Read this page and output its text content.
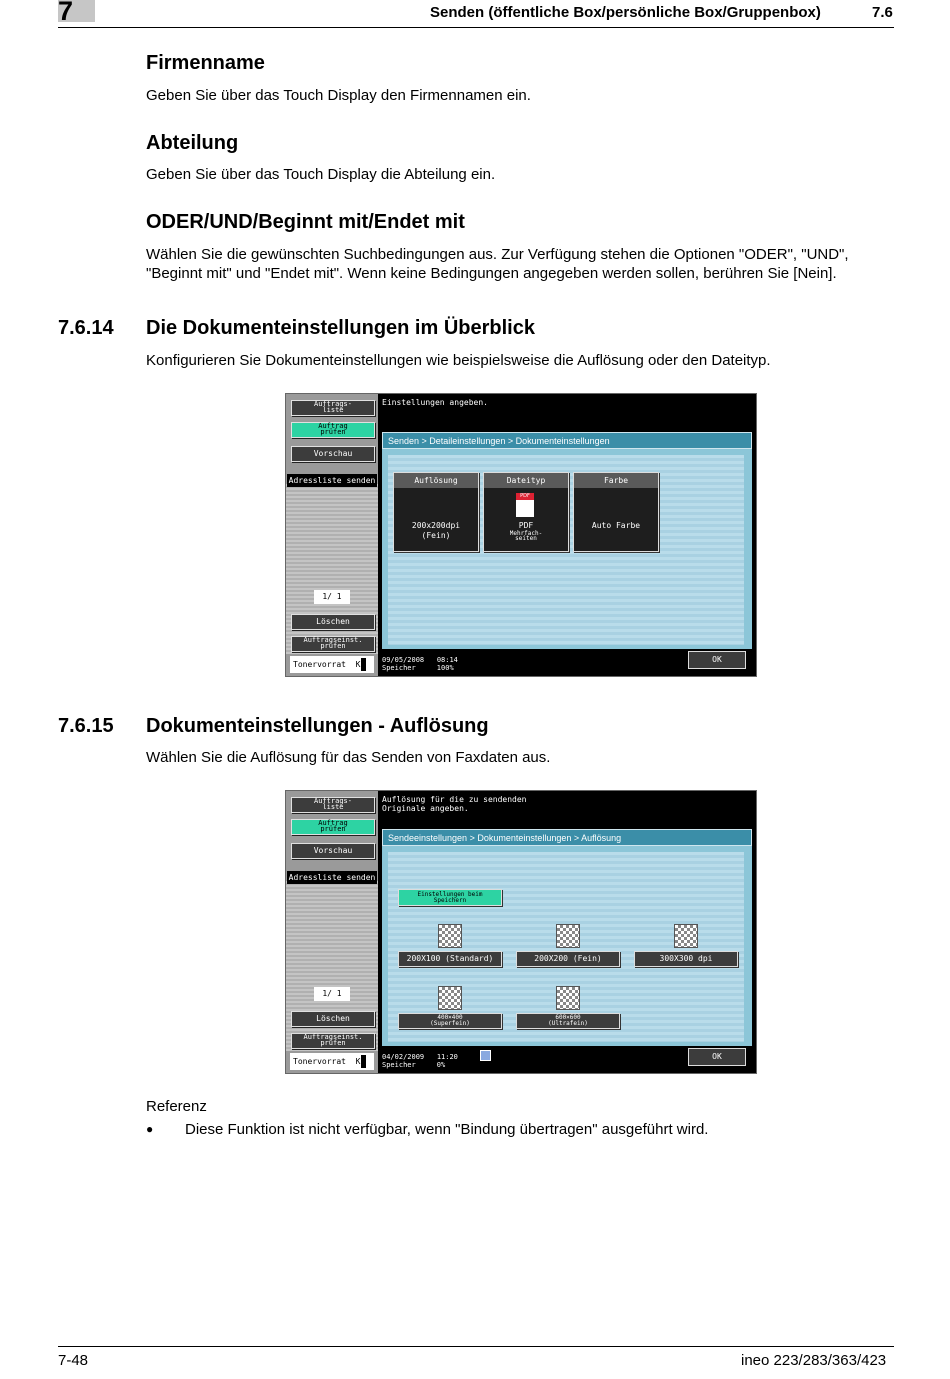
7	Senden (öffentliche Box/persönliche Box/Gruppenbox)	7.6
Firmenname

Geben Sie über das Touch Display den Firmennamen ein.

Abteilung

Geben Sie über das Touch Display die Abteilung ein.

ODER/UND/Beginnt mit/Endet mit

Wählen Sie die gewünschten Suchbedingungen aus. Zur Verfügung stehen die Optionen "ODER", "UND",

"Beginnt mit" und "Endet mit". Wenn keine Bedingungen angegeben werden sollen, berühren Sie [Nein].

7.6.14 Die Dokumenteinstellungen im Überblick

Konfigurieren Sie Dokumenteinstellungen wie beispielsweise die Auflösung oder den Dateityp.

Auftrags-
liste
Auftrag
prüfen
Vorschau
Adressliste senden
1/ 1
Löschen
Auftragseinst.
prüfen
Tonervorrat K
Einstellungen angeben.
Senden > Detaileinstellungen > Dokumenteinstellungen
Auflösung
200x200dpi
(Fein)
Dateityp
PDF
PDF
Mehrfach-
seiten
Farbe
Auto Farbe
09/05/2008 08:14
Speicher	100%
OK
7.6.15 Dokumenteinstellungen - Auflösung

Wählen Sie die Auflösung für das Senden von Faxdaten aus.

Auftrags-
liste
Auftrag
prüfen
Vorschau
Adressliste senden
1/ 1
Löschen
Auftragseinst.
prüfen
Tonervorrat K
Auflösung für die zu sendenden
Originale angeben.
Sendeeinstellungen > Dokumenteinstellungen > Auflösung
Einstellungen beim
Speichern
200X100 (Standard)	200X200 (Fein)	300X300 dpi
400×400
(Superfein)
600×600
(Ultrafein)
04/02/2009 11:20
Speicher	0%
OK

Referenz

● Diese Funktion ist nicht verfügbar, wenn "Bindung übertragen" ausgeführt wird.

7-48	ineo 223/283/363/423
